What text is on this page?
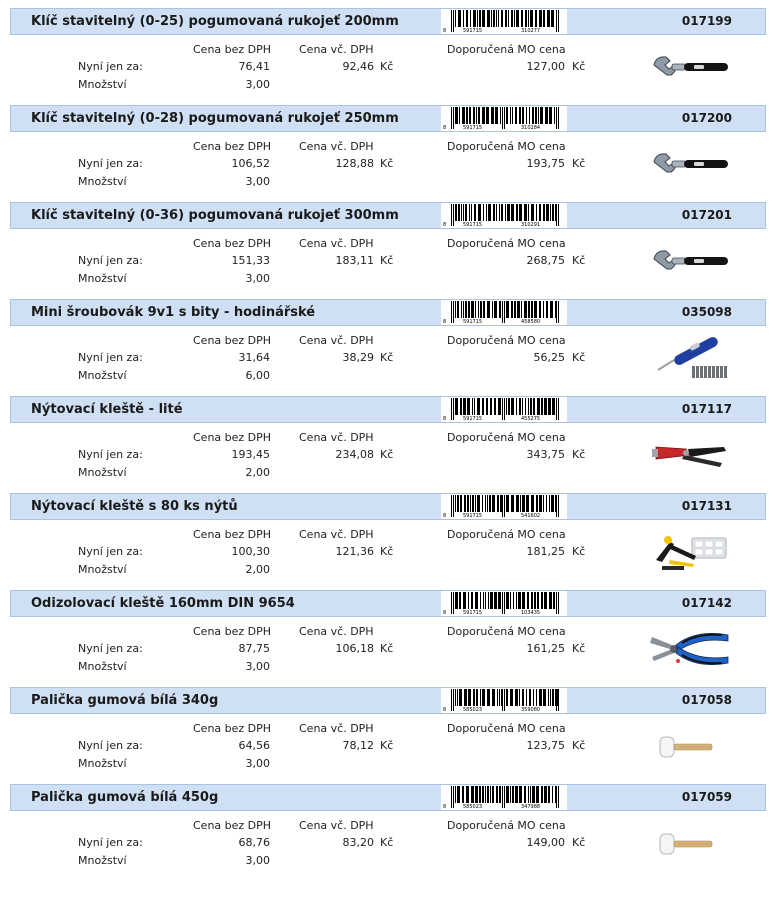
Klíč stavitelný (0-25) pogumovaná rukojeť 200mm
8	591715	310277
017199
Cena bez DPH	Cena vč. DPH	Doporučená MO cena
Nyní jen za:	76,41	92,46 Kč	127,00 Kč
Množství	3,00
Klíč stavitelný (0-28) pogumovaná rukojeť 250mm
8	591715	310284
017200
Cena bez DPH	Cena vč. DPH	Doporučená MO cena
Nyní jen za:	106,52	128,88 Kč	193,75 Kč
Množství	3,00
Klíč stavitelný (0-36) pogumovaná rukojeť 300mm
8	591715	310291
017201
Cena bez DPH	Cena vč. DPH	Doporučená MO cena
Nyní jen za:	151,33	183,11 Kč	268,75 Kč
Množství	3,00
Mini šroubovák 9v1 s bity - hodinářské
8	591715	458580
035098
Cena bez DPH	Cena vč. DPH	Doporučená MO cena
Nyní jen za:	31,64	38,29 Kč	56,25 Kč
Množství	6,00
Nýtovací kleště - lité
8	591715	455275
017117
Cena bez DPH	Cena vč. DPH	Doporučená MO cena
Nyní jen za:	193,45	234,08 Kč	343,75 Kč
Množství	2,00
Nýtovací kleště s 80 ks nýtů
8	591715	541602
017131
Cena bez DPH	Cena vč. DPH	Doporučená MO cena
Nyní jen za:	100,30	121,36 Kč	181,25 Kč
Množství	2,00
Odizolovací kleště 160mm DIN 9654
8	591715	103435
017142
Cena bez DPH	Cena vč. DPH	Doporučená MO cena
Nyní jen za:	87,75	106,18 Kč	161,25 Kč
Množství	3,00
Palička gumová bílá 340g
8	585023	359080
017058
Cena bez DPH	Cena vč. DPH	Doporučená MO cena
Nyní jen za:	64,56	78,12 Kč	123,75 Kč
Množství	3,00
Palička gumová bílá 450g
8	585023	347988
017059
Cena bez DPH	Cena vč. DPH	Doporučená MO cena
Nyní jen za:	68,76	83,20 Kč	149,00 Kč
Množství	3,00
